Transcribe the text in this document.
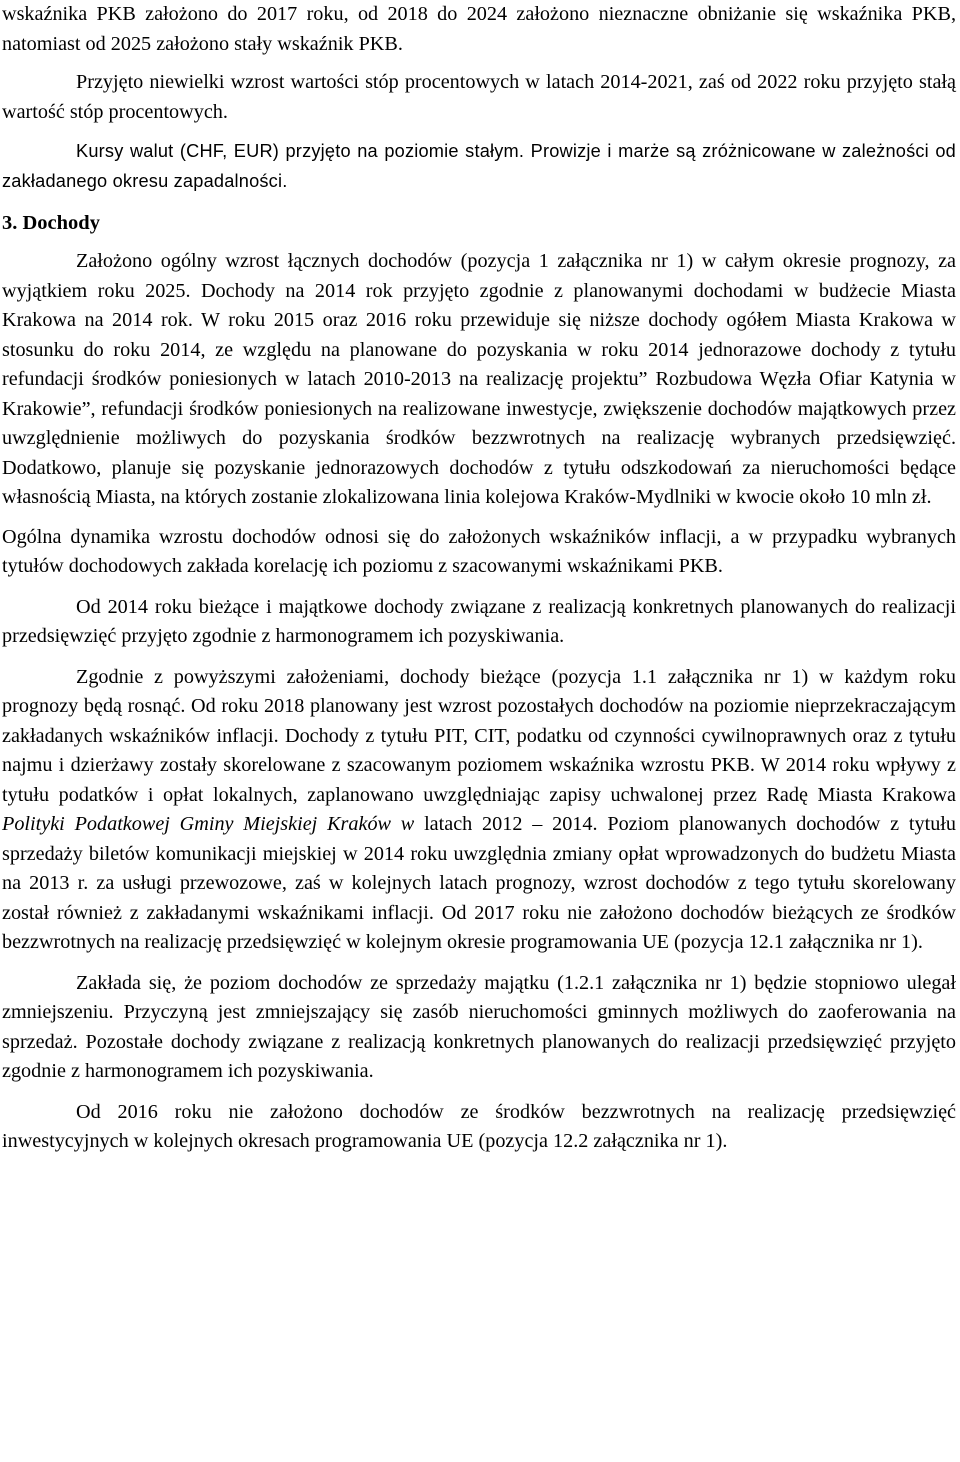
wskaźnika PKB założono do 2017 roku, od 2018 do 2024 założono nieznaczne obniżanie się wskaźnika PKB, natomiast od 2025 założono stały wskaźnik PKB.

Przyjęto niewielki wzrost wartości stóp procentowych w latach 2014-2021, zaś od 2022 roku przyjęto stałą wartość stóp procentowych.

Kursy walut (CHF, EUR) przyjęto na poziomie stałym. Prowizje i marże są zróżnicowane w zależności od zakładanego okresu zapadalności.

3. Dochody

Założono ogólny wzrost łącznych dochodów (pozycja 1 załącznika nr 1) w całym okresie prognozy, za wyjątkiem roku 2025. Dochody na 2014 rok przyjęto zgodnie z planowanymi dochodami w budżecie Miasta Krakowa na 2014 rok. W roku 2015 oraz 2016 roku przewiduje się niższe dochody ogółem Miasta Krakowa w stosunku do roku 2014, ze względu na planowane do pozyskania w roku 2014 jednorazowe dochody z tytułu refundacji środków poniesionych w latach 2010-2013 na realizację projektu” Rozbudowa Węzła Ofiar Katynia w Krakowie”, refundacji środków poniesionych na realizowane inwestycje, zwiększenie dochodów majątkowych przez uwzględnienie możliwych do pozyskania środków bezzwrotnych na realizację wybranych przedsięwzięć. Dodatkowo, planuje się pozyskanie jednorazowych dochodów z tytułu odszkodowań za nieruchomości będące własnością Miasta, na których zostanie zlokalizowana linia kolejowa Kraków-Mydlniki w kwocie około 10 mln zł.

Ogólna dynamika wzrostu dochodów odnosi się do założonych wskaźników inflacji, a w przypadku wybranych tytułów dochodowych zakłada korelację ich poziomu z szacowanymi wskaźnikami PKB.

Od 2014 roku bieżące i majątkowe dochody związane z realizacją konkretnych planowanych do realizacji przedsięwzięć przyjęto zgodnie z harmonogramem ich pozyskiwania.

Zgodnie z powyższymi założeniami, dochody bieżące (pozycja 1.1 załącznika nr 1) w każdym roku prognozy będą rosnąć. Od roku 2018 planowany jest wzrost pozostałych dochodów na poziomie nieprzekraczającym zakładanych wskaźników inflacji. Dochody z tytułu PIT, CIT, podatku od czynności cywilnoprawnych oraz z tytułu najmu i dzierżawy zostały skorelowane z szacowanym poziomem wskaźnika wzrostu PKB. W 2014 roku wpływy z tytułu podatków i opłat lokalnych, zaplanowano uwzględniając zapisy uchwalonej przez Radę Miasta Krakowa Polityki Podatkowej Gminy Miejskiej Kraków w latach 2012 – 2014. Poziom planowanych dochodów z tytułu sprzedaży biletów komunikacji miejskiej w 2014 roku uwzględnia zmiany opłat wprowadzonych do budżetu Miasta na 2013 r. za usługi przewozowe, zaś w kolejnych latach prognozy, wzrost dochodów z tego tytułu skorelowany został również z zakładanymi wskaźnikami inflacji. Od 2017 roku nie założono dochodów bieżących ze środków bezzwrotnych na realizację przedsięwzięć w kolejnym okresie programowania UE (pozycja 12.1 załącznika nr 1).

Zakłada się, że poziom dochodów ze sprzedaży majątku (1.2.1 załącznika nr 1) będzie stopniowo ulegał zmniejszeniu. Przyczyną jest zmniejszający się zasób nieruchomości gminnych możliwych do zaoferowania na sprzedaż. Pozostałe dochody związane z realizacją konkretnych planowanych do realizacji przedsięwzięć przyjęto zgodnie z harmonogramem ich pozyskiwania.

Od 2016 roku nie założono dochodów ze środków bezzwrotnych na realizację przedsięwzięć inwestycyjnych w kolejnych okresach programowania UE (pozycja 12.2 załącznika nr 1).
